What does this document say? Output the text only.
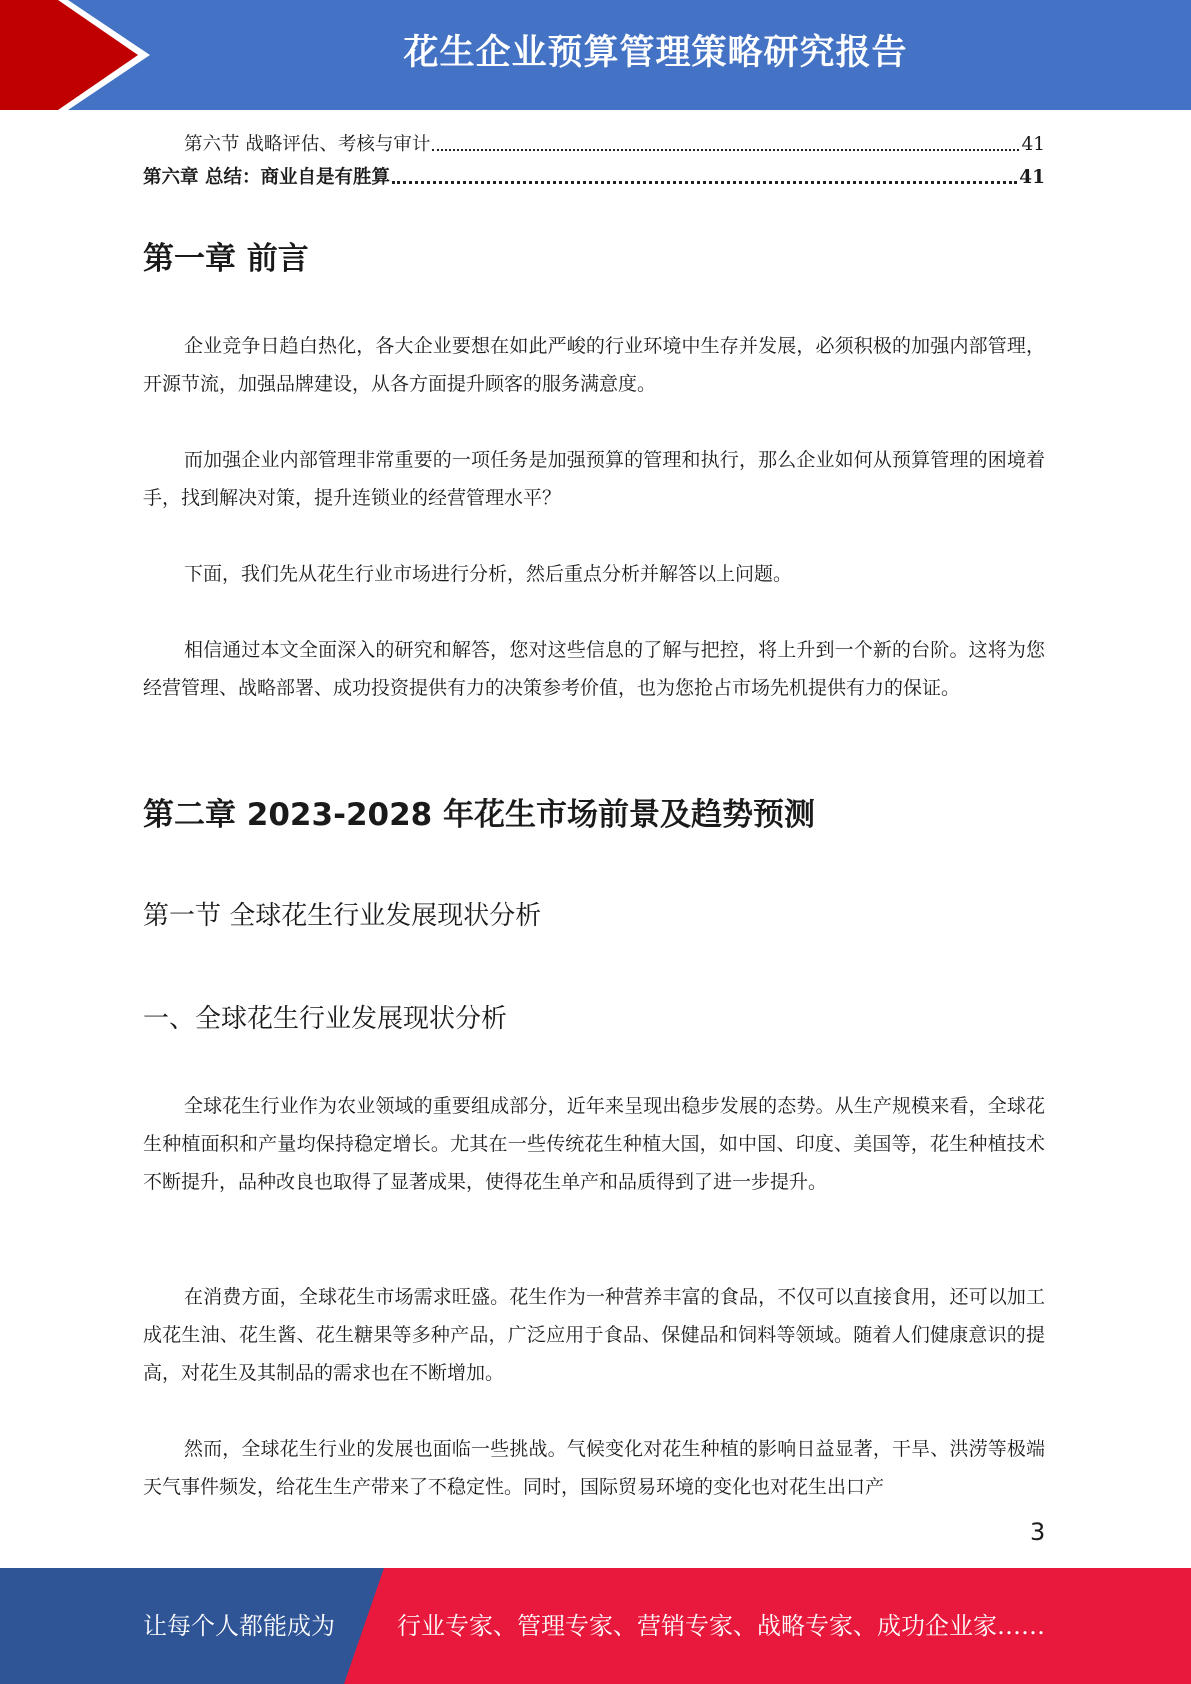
花生企业预算管理策略研究报告
第六节 战略评估、考核与审计	41
第六章 总结：商业自是有胜算	41
第一章 前言

企业竞争日趋白热化，各大企业要想在如此严峻的行业环境中生存并发展，必须积极的加强内部管理，开源节流，加强品牌建设，从各方面提升顾客的服务满意度。

而加强企业内部管理非常重要的一项任务是加强预算的管理和执行，那么企业如何从预算管理的困境着手，找到解决对策，提升连锁业的经营管理水平？

下面，我们先从花生行业市场进行分析，然后重点分析并解答以上问题。

相信通过本文全面深入的研究和解答，您对这些信息的了解与把控，将上升到一个新的台阶。这将为您经营管理、战略部署、成功投资提供有力的决策参考价值，也为您抢占市场先机提供有力的保证。

第二章 2023-2028 年花生市场前景及趋势预测
第一节 全球花生行业发展现状分析
一、全球花生行业发展现状分析

全球花生行业作为农业领域的重要组成部分，近年来呈现出稳步发展的态势。从生产规模来看，全球花生种植面积和产量均保持稳定增长。尤其在一些传统花生种植大国，如中国、印度、美国等，花生种植技术不断提升，品种改良也取得了显著成果，使得花生单产和品质得到了进一步提升。

在消费方面，全球花生市场需求旺盛。花生作为一种营养丰富的食品，不仅可以直接食用，还可以加工成花生油、花生酱、花生糖果等多种产品，广泛应用于食品、保健品和饲料等领域。随着人们健康意识的提高，对花生及其制品的需求也在不断增加。

然而，全球花生行业的发展也面临一些挑战。气候变化对花生种植的影响日益显著，干旱、洪涝等极端天气事件频发，给花生生产带来了不稳定性。同时，国际贸易环境的变化也对花生出口产

3
让每个人都能成为	行业专家、管理专家、营销专家、战略专家、成功企业家……
